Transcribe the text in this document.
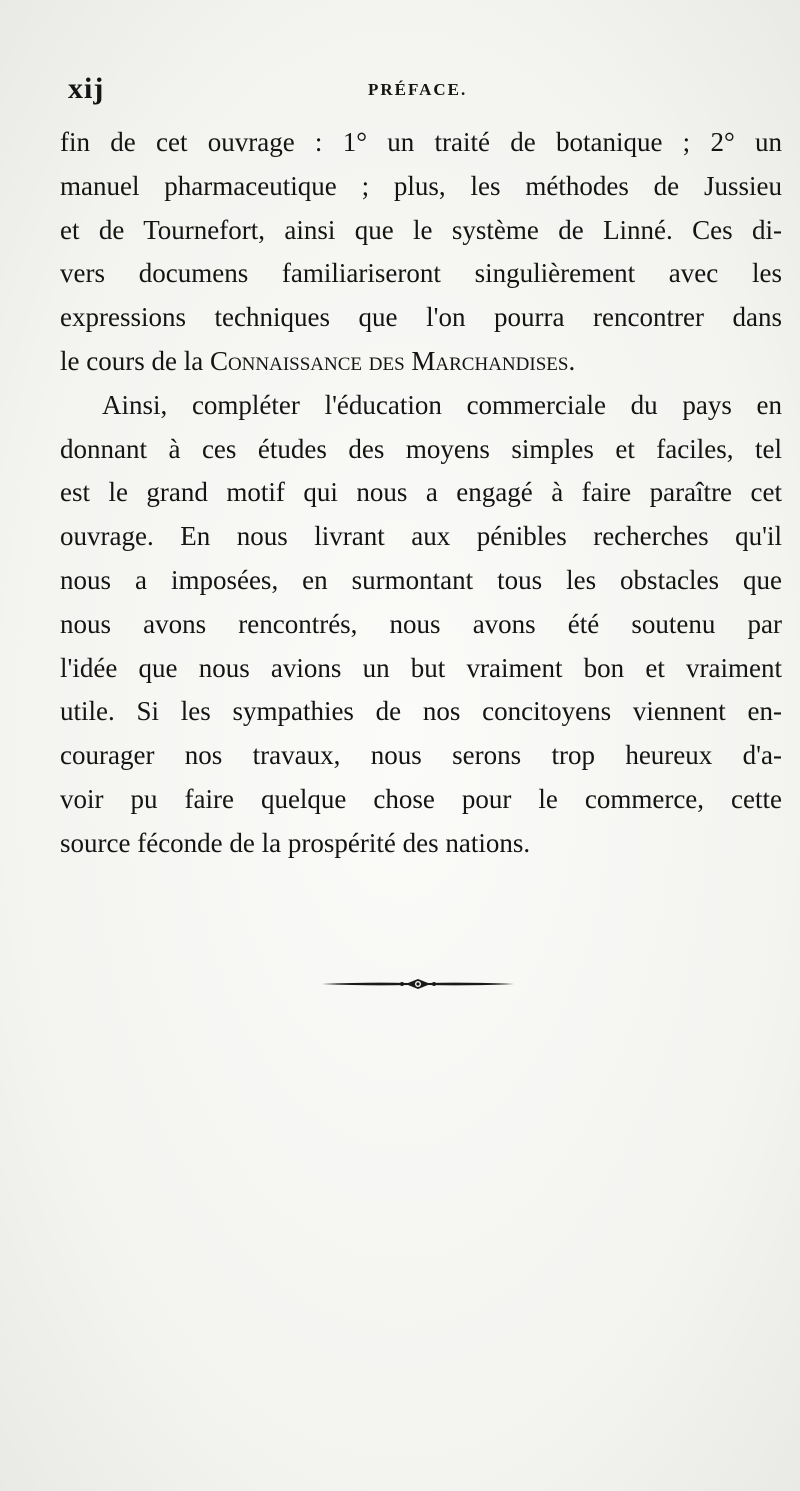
xij	PRÉFACE.
fin de cet ouvrage : 1° un traité de botanique ; 2° un
manuel pharmaceutique ; plus, les méthodes de Jussieu
et de Tournefort, ainsi que le système de Linné. Ces di-
vers documens familiariseront singulièrement avec les
expressions techniques que l'on pourra rencontrer dans
le cours de la Connaissance des Marchandises.
Ainsi, compléter l'éducation commerciale du pays en
donnant à ces études des moyens simples et faciles, tel
est le grand motif qui nous a engagé à faire paraître cet
ouvrage. En nous livrant aux pénibles recherches qu'il
nous a imposées, en surmontant tous les obstacles que
nous avons rencontrés, nous avons été soutenu par
l'idée que nous avions un but vraiment bon et vraiment
utile. Si les sympathies de nos concitoyens viennent en-
courager nos travaux, nous serons trop heureux d'a-
voir pu faire quelque chose pour le commerce, cette
source féconde de la prospérité des nations.
